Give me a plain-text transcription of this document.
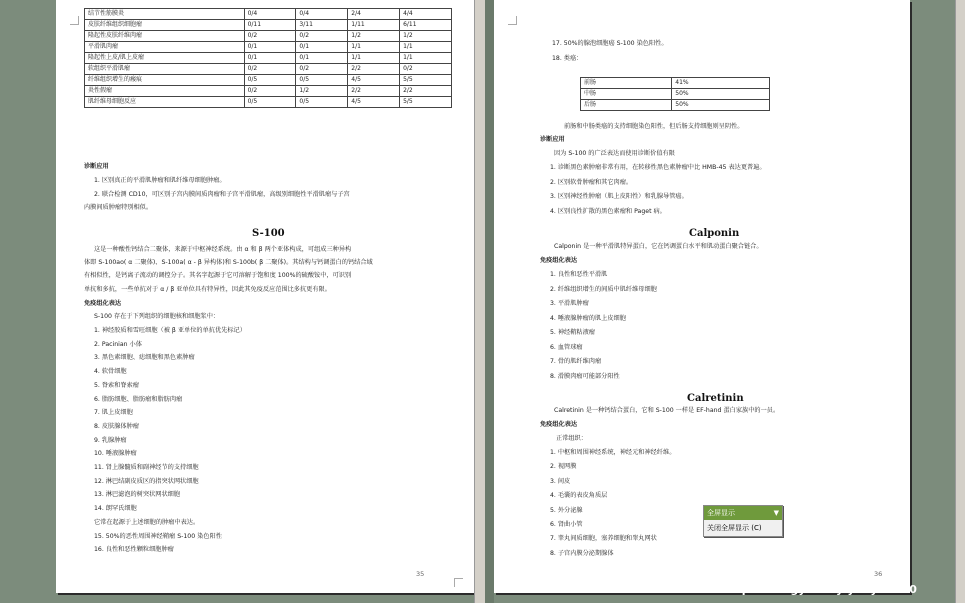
结节性筋膜炎	0/4	0/4	2/4	4/4
皮肤纤维组织细胞瘤	0/11	3/11	1/11	6/11
隆起性皮肤纤维肉瘤	0/2	0/2	1/2	1/2
平滑肌肉瘤	0/1	0/1	1/1	1/1
隆起性上皮/肌上皮瘤	0/1	0/1	1/1	1/1
软组织平滑肌瘤	0/2	0/2	2/2	0/2
纤维组织增生的瘢痕	0/5	0/5	4/5	5/5
炎性假瘤	0/2	1/2	2/2	2/2
肌纤维母细胞反应	0/5	0/5	4/5	5/5
诊断应用
1. 区别真正的平滑肌肿瘤和肌纤维母细胞肿瘤。
2. 联合检测 CD10，可区别子宫内膜间质肉瘤和子宫平滑肌瘤，高级别细胞性平滑肌瘤与子宫
内膜间质肿瘤特别相似。
S-100
这是一种酸性钙结合二聚体，来源于中枢神经系统。由 α 和 β 两个亚体构成，可组成三种异构
体即 S-100ao( α 二聚体)、S-100a( α - β 异构体)和 S-100b( β 二聚体)。其结构与钙调蛋白的钙结合域
有相似性，是钙离子流动的调控分子。其名字起源于它可溶解于饱和度 100%的硫酸铵中，可识别
单抗和多抗，一些单抗对于 α / β 亚单位具有特异性，因此其免疫反应范围比多抗更有限。
免疫组化表达
S-100 存在于下列组织的细胞核和细胞浆中：
1. 神经胶质和雪旺细胞（被 β 亚单位的单抗优先标记）
2. Pacinian 小体
3. 黑色素细胞、痣细胞和黑色素肿瘤
4. 软骨细胞
5. 脊索和脊索瘤
6. 脂肪细胞、脂肪瘤和脂肪肉瘤
7. 肌上皮细胞
8. 皮肤腺体肿瘤
9. 乳腺肿瘤
10. 唾液腺肿瘤
11. 肾上腺髓质和副神经节的支持细胞
12. 淋巴结副皮质区的指突状网状细胞
13. 淋巴滤泡的树突状网状细胞
14. 朗罕氏细胞
它常在起源于上述细胞的肿瘤中表达。
15. 50%的恶性周围神经鞘瘤 S-100 染色阳性
16. 良性和恶性颗粒细胞肿瘤
35
17. 50%的腺泡细胞癌 S-100 染色阳性。
18. 类癌：
前肠	41%
中肠	50%
后肠	50%
前肠和中肠类癌的支持细胞染色阳性，但后肠支持细胞则呈阴性。
诊断应用
因为 S-100 的广泛表达而使用诊断价值有限
1. 诊断黑色素肿瘤非常有用，在转移性黑色素肿瘤中比 HMB-45 表达更普遍。
2. 区别软骨肿瘤和其它肉瘤。
3. 区别神经性肿瘤（肌上皮阳性）和乳腺导管癌。
4. 区别良性扩散的黑色素瘤和 Paget 病。
Calponin
Calponin 是一种平滑肌特异蛋白，它在钙调蛋白水平和肌动蛋白聚合链合。
免疫组化表达
1. 良性和恶性平滑肌
2. 纤维组织增生的间质中肌纤维母细胞
3. 平滑肌肿瘤
4. 唾液腺肿瘤的肌上皮细胞
5. 神经鞘粘液瘤
6. 血管球瘤
7. 骨的肌纤维肉瘤
8. 滑膜肉瘤可能部分阳性
Calretinin
Calretinin 是一种钙结合蛋白，它和 S-100 一样是 EF-hand 蛋白家族中的一员。
免疫组化表达
正常组织：
1. 中枢和周围神经系统，神经元和神经纤维。
2. 视网膜
3. 间皮
4. 毛囊的表皮角质层
5. 外分泌腺
6. 肾曲小管
7. 睾丸间质细胞，塞养细胞和睾丸网状
8. 子宫内膜分泌期腺体
36
全屏显示	▼
关闭全屏显示 (C)
www.ipathology.cn by yanyan530
